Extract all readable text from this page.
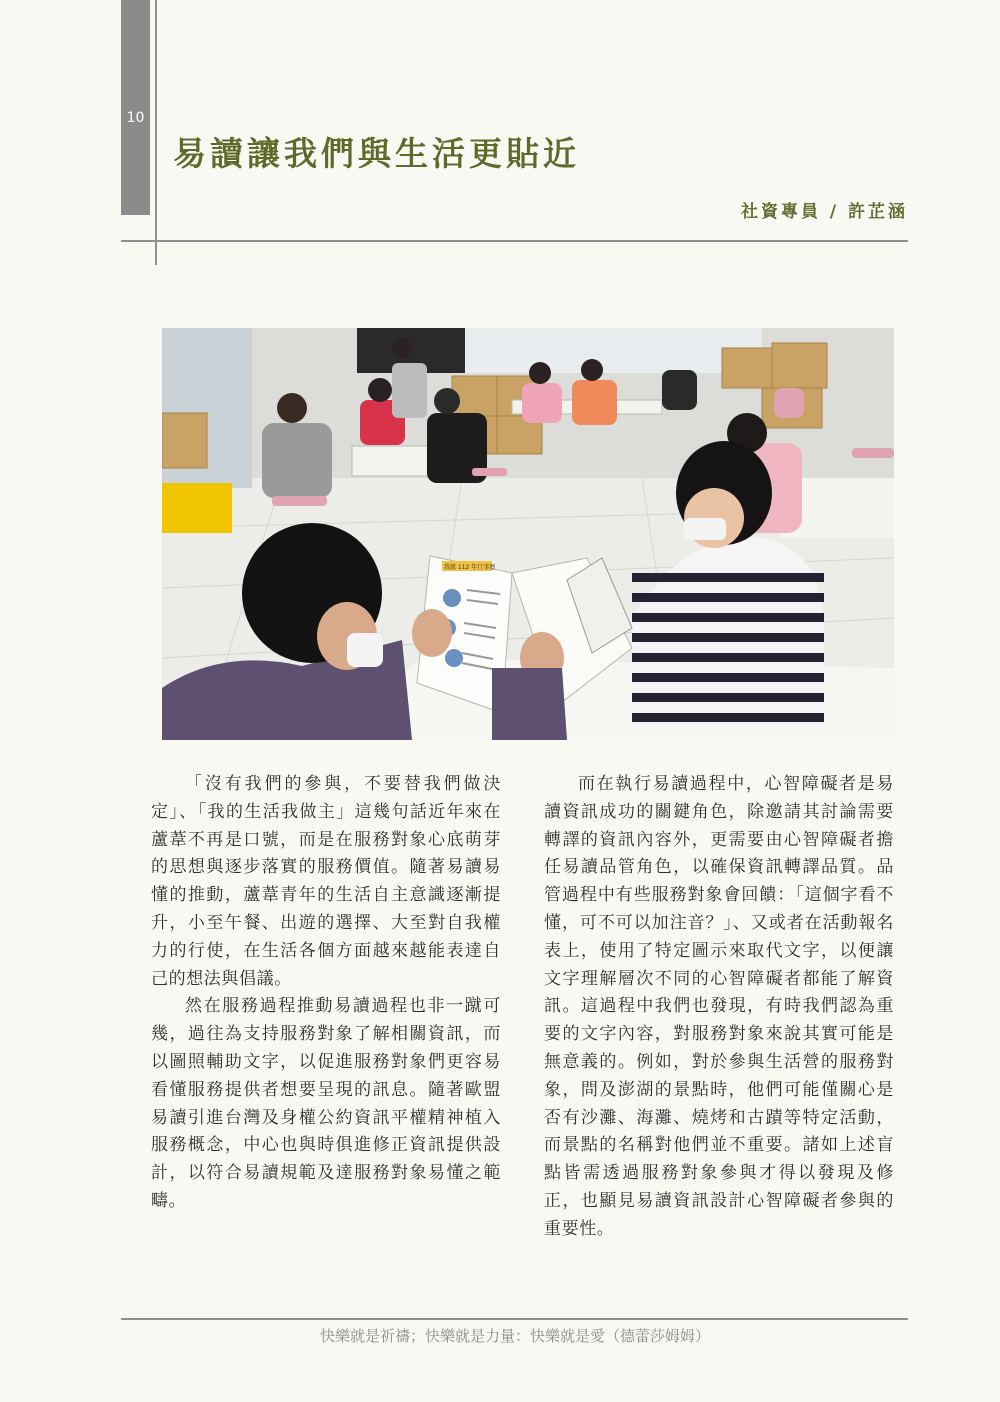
10
易讀讓我們與生活更貼近
社資專員 / 許芷涵
我就 112 年行事曆

「沒有我們的參與，不要替我們做決定」、「我的生活我做主」這幾句話近年來在蘆葦不再是口號，而是在服務對象心底萌芽的思想與逐步落實的服務價值。隨著易讀易懂的推動，蘆葦青年的生活自主意識逐漸提升，小至午餐、出遊的選擇、大至對自我權力的行使，在生活各個方面越來越能表達自己的想法與倡議。

然在服務過程推動易讀過程也非一蹴可幾，過往為支持服務對象了解相關資訊，而以圖照輔助文字，以促進服務對象們更容易看懂服務提供者想要呈現的訊息。隨著歐盟易讀引進台灣及身權公約資訊平權精神植入服務概念，中心也與時俱進修正資訊提供設計，以符合易讀規範及達服務對象易懂之範疇。

而在執行易讀過程中，心智障礙者是易讀資訊成功的關鍵角色，除邀請其討論需要轉譯的資訊內容外，更需要由心智障礙者擔任易讀品管角色，以確保資訊轉譯品質。品管過程中有些服務對象會回饋：「這個字看不懂，可不可以加注音？」、又或者在活動報名表上，使用了特定圖示來取代文字，以便讓文字理解層次不同的心智障礙者都能了解資訊。這過程中我們也發現，有時我們認為重要的文字內容，對服務對象來說其實可能是無意義的。例如，對於參與生活營的服務對象，問及澎湖的景點時，他們可能僅關心是否有沙灘、海灘、燒烤和古蹟等特定活動，而景點的名稱對他們並不重要。諸如上述盲點皆需透過服務對象參與才得以發現及修正，也顯見易讀資訊設計心智障礙者參與的重要性。

快樂就是祈禱；快樂就是力量：快樂就是愛（德蕾莎姆姆）
